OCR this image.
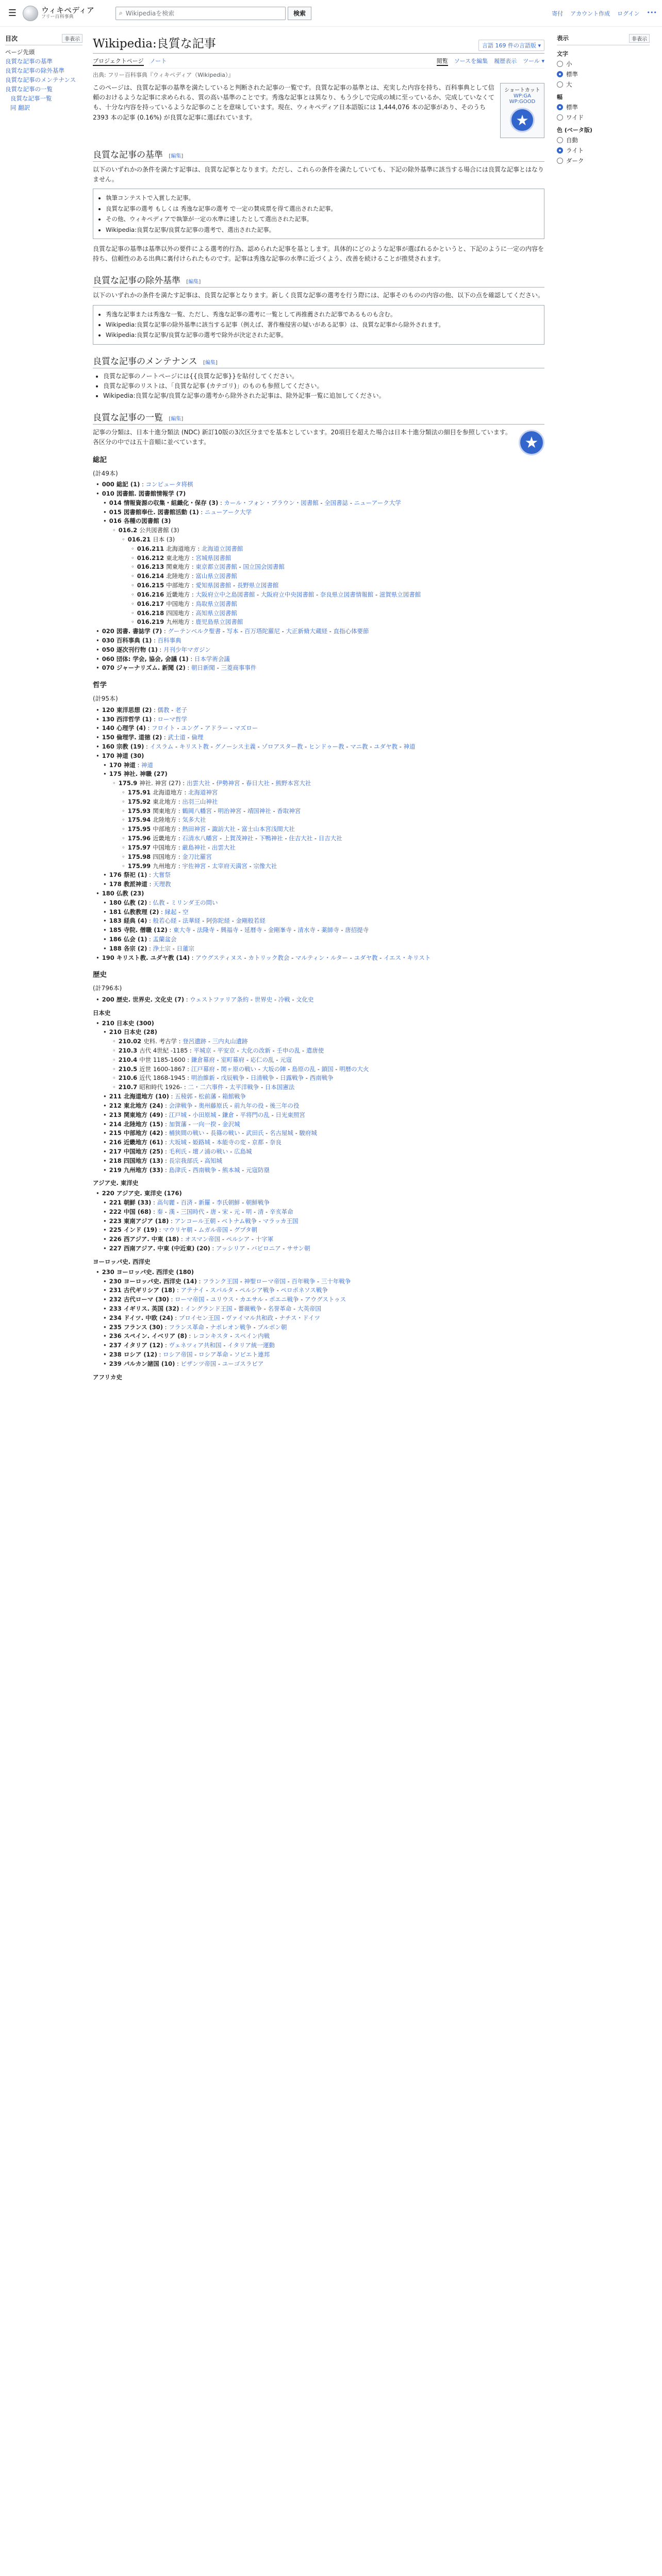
☰	ウィキペディア
フリー百科事典
⌕ Wikipediaを検索	検索	寄付 アカウント作成 ログイン •••
目次	非表示
ページ先頭
良質な記事の基準
良質な記事の除外基準
良質な記事のメンテナンス
良質な記事の一覧
良質な記事一覧
同 翻訳
Wikipedia:良質な記事	言語 169 件の言語版 ▾
プロジェクトページ ノート	閲覧 ソースを編集 履歴表示 ツール ▾
出典: フリー百科事典『ウィキペディア（Wikipedia）』
このページは、良質な記事の基準を満たしていると判断された記事の一覧です。良質な記事の基準とは、充実した内容を持ち、百科事典として信頼のおけるような記事に求められる、質の高い基準のことです。秀逸な記事とは異なり、もう少しで完成の域に至っているか、完成していなくても、十分な内容を持っているような記事のことを意味しています。現在、ウィキペディア日本語版には 1,444,076 本の記事があり、そのうち 2393 本の記事 (0.16%) が良質な記事に選ばれています。
ショートカット
WP:GA
WP:GOOD
★
良質な記事の基準 [編集]

以下のいずれかの条件を満たす記事は、良質な記事となります。ただし、これらの条件を満たしていても、下記の除外基準に該当する場合には良質な記事とはなりません。

• 執筆コンテストで入賞した記事。
• 良質な記事の選考 もしくは 秀逸な記事の選考 で一定の賛成票を得て選出された記事。
• その他、ウィキペディアで執筆が一定の水準に達したとして選出された記事。
• Wikipedia:良質な記事/良質な記事の選考で、選出された記事。

良質な記事の基準は基準以外の要件による選考的行為、認められた記事を基とします。具体的にどのような記事が選ばれるかというと、下記のように一定の内容を持ち、信頼性のある出典に裏付けられたものです。記事は秀逸な記事の水準に近づくよう、改善を続けることが推奨されます。

良質な記事の除外基準 [編集]

以下のいずれかの条件を満たす記事は、良質な記事となります。新しく良質な記事の選考を行う際には、記事そのものの内容の他、以下の点を確認してください。

• 秀逸な記事または秀逸な一覧、ただし、秀逸な記事の選考に一覧として再推薦された記事であるものも含む。
• Wikipedia:良質な記事の除外基準に該当する記事（例えば、著作権侵害の疑いがある記事）は、良質な記事から除外されます。
• Wikipedia:良質な記事/良質な記事の選考で除外が決定された記事。
良質な記事のメンテナンス [編集]
• 良質な記事のノートページには{{良質な記事}}を貼付してください。
• 良質な記事のリストは、「良質な記事 (カテゴリ)」のものも参照してください。
• Wikipedia:良質な記事/良質な記事の選考から除外された記事は、除外記事一覧に追加してください。
良質な記事の一覧 [編集]
★

記事の分類は、日本十進分類法 (NDC) 新訂10版の3次区分までを基本としています。20項目を超えた場合は日本十進分類法の細目を参照しています。各区分の中では五十音順に並べています。

総記
(計49本)
• 000 総記 (1) : コンピュータ将棋
• 010 図書館. 図書館情報学 (7)
• 014 情報資源の収集・組織化・保存 (3) : カール・フォン・ブラウン・図書館 - 全国書誌 - ニューアーク大学
• 015 図書館奉仕. 図書館活動 (1) : ニューアーク大学
• 016 各種の図書館 (3)
◦ 016.2 公共図書館 (3)
◦ 016.21 日本 (3)
◦ 016.211 北海道地方 : 北海道立図書館
◦ 016.212 東北地方 : 宮城県図書館
◦ 016.213 関東地方 : 東京都立図書館 - 国立国会図書館
◦ 016.214 北陸地方 : 富山県立図書館
◦ 016.215 中部地方 : 愛知県図書館 - 長野県立図書館
◦ 016.216 近畿地方 : 大阪府立中之島図書館 - 大阪府立中央図書館 - 奈良県立図書情報館 - 滋賀県立図書館
◦ 016.217 中国地方 : 鳥取県立図書館
◦ 016.218 四国地方 : 高知県立図書館
◦ 016.219 九州地方 : 鹿児島県立図書館
• 020 図書. 書誌学 (7) : グーテンベルク聖書 - 写本 - 百万塔陀羅尼 - 大正新脩大蔵経 - 直指心体要節
• 030 百科事典 (1) : 百科事典
• 050 逐次刊行物 (1) : 月刊少年マガジン
• 060 団体: 学会, 協会, 会議 (1) : 日本学術会議
• 070 ジャーナリズム. 新聞 (2) : 朝日新聞 - 三菱商事事件
哲学
(計95本)
• 120 東洋思想 (2) : 儒教 - 老子
• 130 西洋哲学 (1) : ローマ哲学
• 140 心理学 (4) : フロイト - ユング - アドラー - マズロー
• 150 倫理学. 道徳 (2) : 武士道 - 倫理
• 160 宗教 (19) : イスラム - キリスト教 - グノーシス主義 - ゾロアスター教 - ヒンドゥー教 - マニ教 - ユダヤ教 - 神道
• 170 神道 (30)
• 170 神道 : 神道
• 175 神社. 神職 (27)
◦ 175.9 神社. 神宮 (27) : 出雲大社 - 伊勢神宮 - 春日大社 - 熊野本宮大社
◦ 175.91 北海道地方 : 北海道神宮
◦ 175.92 東北地方 : 出羽三山神社
◦ 175.93 関東地方 : 鶴岡八幡宮 - 明治神宮 - 靖国神社 - 香取神宮
◦ 175.94 北陸地方 : 気多大社
◦ 175.95 中部地方 : 熱田神宮 - 諏訪大社 - 富士山本宮浅間大社
◦ 175.96 近畿地方 : 石清水八幡宮 - 上賀茂神社 - 下鴨神社 - 住吉大社 - 日吉大社
◦ 175.97 中国地方 : 厳島神社 - 出雲大社
◦ 175.98 四国地方 : 金刀比羅宮
◦ 175.99 九州地方 : 宇佐神宮 - 太宰府天満宮 - 宗像大社
• 176 祭祀 (1) : 大嘗祭
• 178 教派神道 : 天理教
• 180 仏教 (23)
• 180 仏教 (2) : 仏教 - ミリンダ王の問い
• 181 仏教教理 (2) : 縁起 - 空
• 183 経典 (4) : 般若心経 - 法華経 - 阿弥陀経 - 金剛般若経
• 185 寺院. 僧職 (12) : 東大寺 - 法隆寺 - 興福寺 - 延暦寺 - 金剛峯寺 - 清水寺 - 薬師寺 - 唐招提寺
• 186 仏会 (1) : 盂蘭盆会
• 188 各宗 (2) : 浄土宗 - 日蓮宗
• 190 キリスト教. ユダヤ教 (14) : アウグスティヌス - カトリック教会 - マルティン・ルター - ユダヤ教 - イエス・キリスト
歴史
(計796本)
• 200 歴史. 世界史. 文化史 (7) : ウェストファリア条約 - 世界史 - 冷戦 - 文化史
日本史
• 210 日本史 (300)
• 210 日本史 (28)
◦ 210.02 史料. 考古学 : 登呂遺跡 - 三内丸山遺跡
◦ 210.3 古代 4世紀 -1185 : 平城京 - 平安京 - 大化の改新 - 壬申の乱 - 遣唐使
◦ 210.4 中世 1185-1600 : 鎌倉幕府 - 室町幕府 - 応仁の乱 - 元寇
◦ 210.5 近世 1600-1867 : 江戸幕府 - 関ヶ原の戦い - 大坂の陣 - 島原の乱 - 鎖国 - 明暦の大火
◦ 210.6 近代 1868-1945 : 明治維新 - 戊辰戦争 - 日清戦争 - 日露戦争 - 西南戦争
◦ 210.7 昭和時代 1926- : 二・二六事件 - 太平洋戦争 - 日本国憲法
• 211 北海道地方 (10) : 五稜郭 - 松前藩 - 箱館戦争
• 212 東北地方 (24) : 会津戦争 - 奥州藤原氏 - 前九年の役 - 後三年の役
• 213 関東地方 (49) : 江戸城 - 小田原城 - 鎌倉 - 平将門の乱 - 日光東照宮
• 214 北陸地方 (15) : 加賀藩 - 一向一揆 - 金沢城
• 215 中部地方 (42) : 桶狭間の戦い - 長篠の戦い - 武田氏 - 名古屋城 - 駿府城
• 216 近畿地方 (61) : 大坂城 - 姫路城 - 本能寺の変 - 京都 - 奈良
• 217 中国地方 (25) : 毛利氏 - 壇ノ浦の戦い - 広島城
• 218 四国地方 (13) : 長宗我部氏 - 高知城
• 219 九州地方 (33) : 島津氏 - 西南戦争 - 熊本城 - 元寇防塁
アジア史. 東洋史
• 220 アジア史. 東洋史 (176)
• 221 朝鮮 (33) : 高句麗 - 百済 - 新羅 - 李氏朝鮮 - 朝鮮戦争
• 222 中国 (68) : 秦 - 漢 - 三国時代 - 唐 - 宋 - 元 - 明 - 清 - 辛亥革命
• 223 東南アジア (18) : アンコール王朝 - ベトナム戦争 - マラッカ王国
• 225 インド (19) : マウリヤ朝 - ムガル帝国 - グプタ朝
• 226 西アジア. 中東 (18) : オスマン帝国 - ペルシア - 十字軍
• 227 西南アジア. 中東 (中近東) (20) : アッシリア - バビロニア - ササン朝
ヨーロッパ史. 西洋史
• 230 ヨーロッパ史. 西洋史 (180)
• 230 ヨーロッパ史. 西洋史 (14) : フランク王国 - 神聖ローマ帝国 - 百年戦争 - 三十年戦争
• 231 古代ギリシア (18) : アテナイ - スパルタ - ペルシア戦争 - ペロポネソス戦争
• 232 古代ローマ (30) : ローマ帝国 - ユリウス・カエサル - ポエニ戦争 - アウグストゥス
• 233 イギリス. 英国 (32) : イングランド王国 - 薔薇戦争 - 名誉革命 - 大英帝国
• 234 ドイツ. 中欧 (24) : プロイセン王国 - ヴァイマル共和政 - ナチス・ドイツ
• 235 フランス (30) : フランス革命 - ナポレオン戦争 - ブルボン朝
• 236 スペイン. イベリア (8) : レコンキスタ - スペイン内戦
• 237 イタリア (12) : ヴェネツィア共和国 - イタリア統一運動
• 238 ロシア (12) : ロシア帝国 - ロシア革命 - ソビエト連邦
• 239 バルカン諸国 (10) : ビザンツ帝国 - ユーゴスラビア
アフリカ史
表示	非表示
文字
小
標準
大
幅
標準
ワイド
色 (ベータ版)
自動
ライト
ダーク
